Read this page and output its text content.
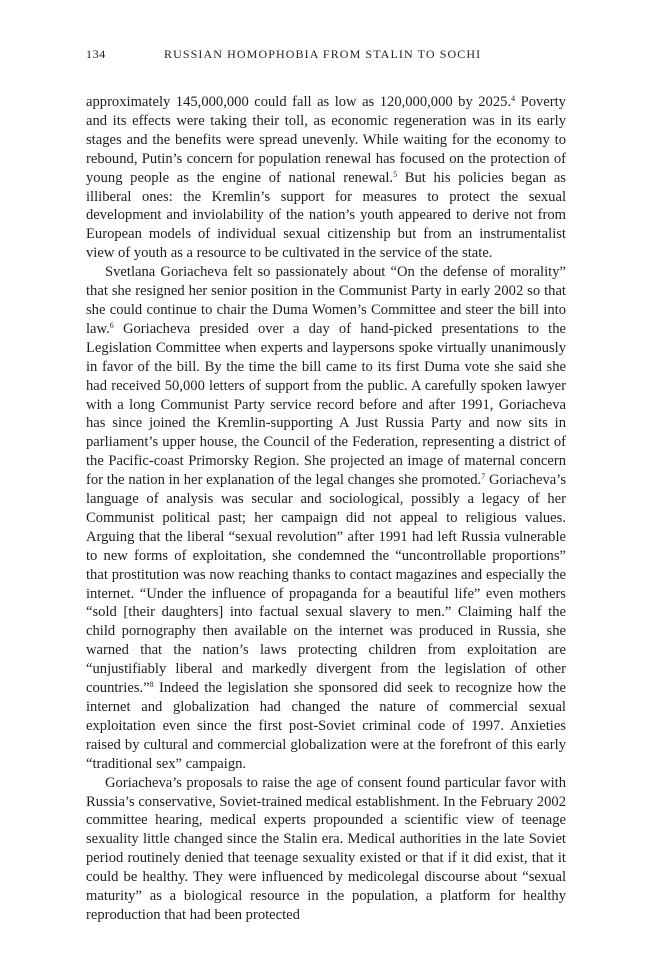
134	RUSSIAN HOMOPHOBIA FROM STALIN TO SOCHI

approximately 145,000,000 could fall as low as 120,000,000 by 2025.$^4$ Poverty and its effects were taking their toll, as economic regeneration was in its early stages and the benefits were spread unevenly. While waiting for the economy to rebound, Putin’s concern for population renewal has focused on the protection of young people as the engine of national renewal.$^5$ But his policies began as illiberal ones: the Kremlin’s support for measures to protect the sexual development and inviolability of the nation’s youth appeared to derive not from European models of individual sexual citizenship but from an instrumentalist view of youth as a resource to be cultivated in the service of the state.

Svetlana Goriacheva felt so passionately about “On the defense of morality” that she resigned her senior position in the Communist Party in early 2002 so that she could continue to chair the Duma Women’s Committee and steer the bill into law.$^6$ Goriacheva presided over a day of hand-picked presentations to the Legislation Committee when experts and laypersons spoke virtually unanimously in favor of the bill. By the time the bill came to its first Duma vote she said she had received 50,000 letters of support from the public. A carefully spoken lawyer with a long Communist Party service record before and after 1991, Goriacheva has since joined the Kremlin-supporting A Just Russia Party and now sits in parliament’s upper house, the Council of the Federation, representing a district of the Pacific-coast Primorsky Region. She projected an image of maternal concern for the nation in her explanation of the legal changes she promoted.$^7$ Goriacheva’s language of analysis was secular and sociological, possibly a legacy of her Communist political past; her campaign did not appeal to religious values. Arguing that the liberal “sexual revolution” after 1991 had left Russia vulnerable to new forms of exploitation, she condemned the “uncontrollable proportions” that prostitution was now reaching thanks to contact magazines and especially the internet. “Under the influence of propaganda for a beautiful life” even mothers “sold [their daughters] into factual sexual slavery to men.” Claiming half the child pornography then available on the internet was produced in Russia, she warned that the nation’s laws protecting children from exploitation are “unjustifiably liberal and markedly divergent from the legislation of other countries.”$^8$ Indeed the legislation she sponsored did seek to recognize how the internet and globalization had changed the nature of commercial sexual exploitation even since the first post-Soviet criminal code of 1997. Anxieties raised by cultural and commercial globalization were at the forefront of this early “traditional sex” campaign.

Goriacheva’s proposals to raise the age of consent found particular favor with Russia’s conservative, Soviet-trained medical establishment. In the February 2002 committee hearing, medical experts propounded a scientific view of teenage sexuality little changed since the Stalin era. Medical authorities in the late Soviet period routinely denied that teenage sexuality existed or that if it did exist, that it could be healthy. They were influenced by medicolegal discourse about “sexual maturity” as a biological resource in the population, a platform for healthy reproduction that had been protected
